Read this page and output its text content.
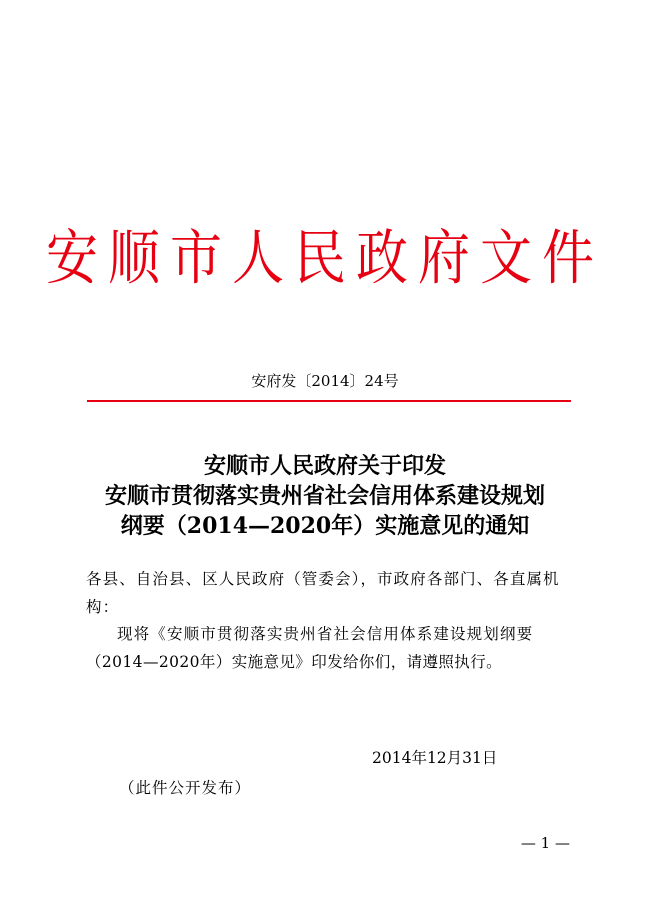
安顺市人民政府文件
安府发〔2014〕24号
安顺市人民政府关于印发
安顺市贯彻落实贵州省社会信用体系建设规划
纲要（2014—2020年）实施意见的通知
各县、自治县、区人民政府（管委会），市政府各部门、各直属机
构：
现将《安顺市贯彻落实贵州省社会信用体系建设规划纲要
（2014—2020年）实施意见》印发给你们，请遵照执行。
2014年12月31日
（此件公开发布）
— 1 —
